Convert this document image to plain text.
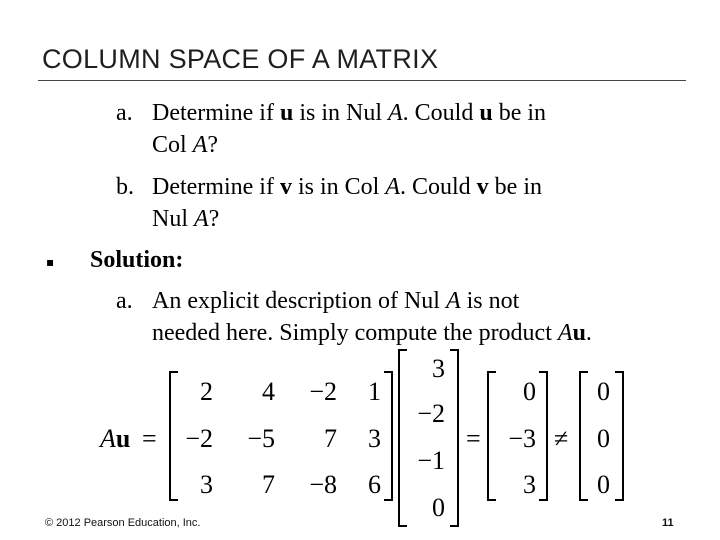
COLUMN SPACE OF A MATRIX
a. Determine if u is in Nul A. Could u be in
Col A?
b. Determine if v is in Col A. Could v be in
Nul A?
▪ Solution:
a. An explicit description of Nul A is not
needed here. Simply compute the product Au.
Au =
2 4 −2 1
−2 −5 7 3
3 7 −8 6
3
−2
−1
0
=
0
−3
3
≠
0
0
0
© 2012 Pearson Education, Inc.	11
